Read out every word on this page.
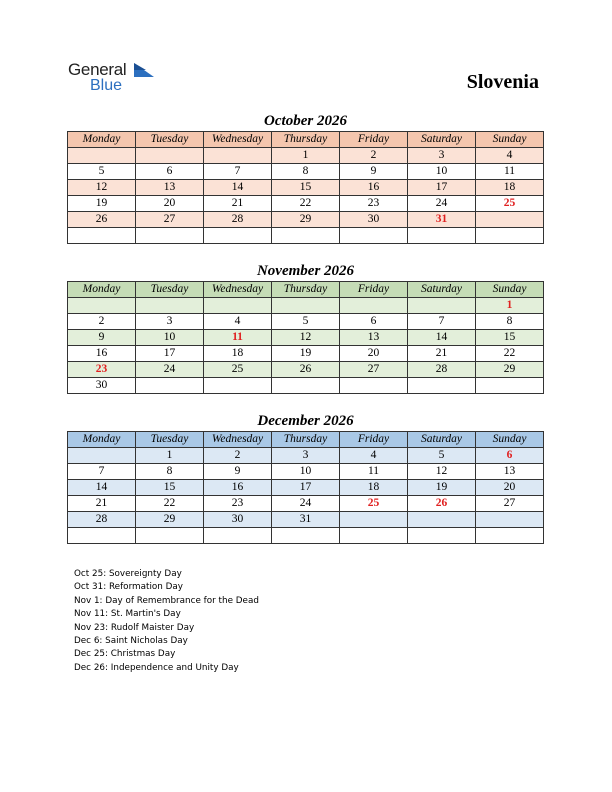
General
Blue	Slovenia
October 2026
Monday	Tuesday	Wednesday	Thursday	Friday	Saturday	Sunday
			1	2	3	4
5	6	7	8	9	10	11
12	13	14	15	16	17	18
19	20	21	22	23	24	25
26	27	28	29	30	31	

November 2026
Monday	Tuesday	Wednesday	Thursday	Friday	Saturday	Sunday
						1
2	3	4	5	6	7	8
9	10	11	12	13	14	15
16	17	18	19	20	21	22
23	24	25	26	27	28	29
30						
December 2026
Monday	Tuesday	Wednesday	Thursday	Friday	Saturday	Sunday
	1	2	3	4	5	6
7	8	9	10	11	12	13
14	15	16	17	18	19	20
21	22	23	24	25	26	27
28	29	30	31			

Oct 25: Sovereignty Day
Oct 31: Reformation Day
Nov 1: Day of Remembrance for the Dead
Nov 11: St. Martin's Day
Nov 23: Rudolf Maister Day
Dec 6: Saint Nicholas Day
Dec 25: Christmas Day
Dec 26: Independence and Unity Day
